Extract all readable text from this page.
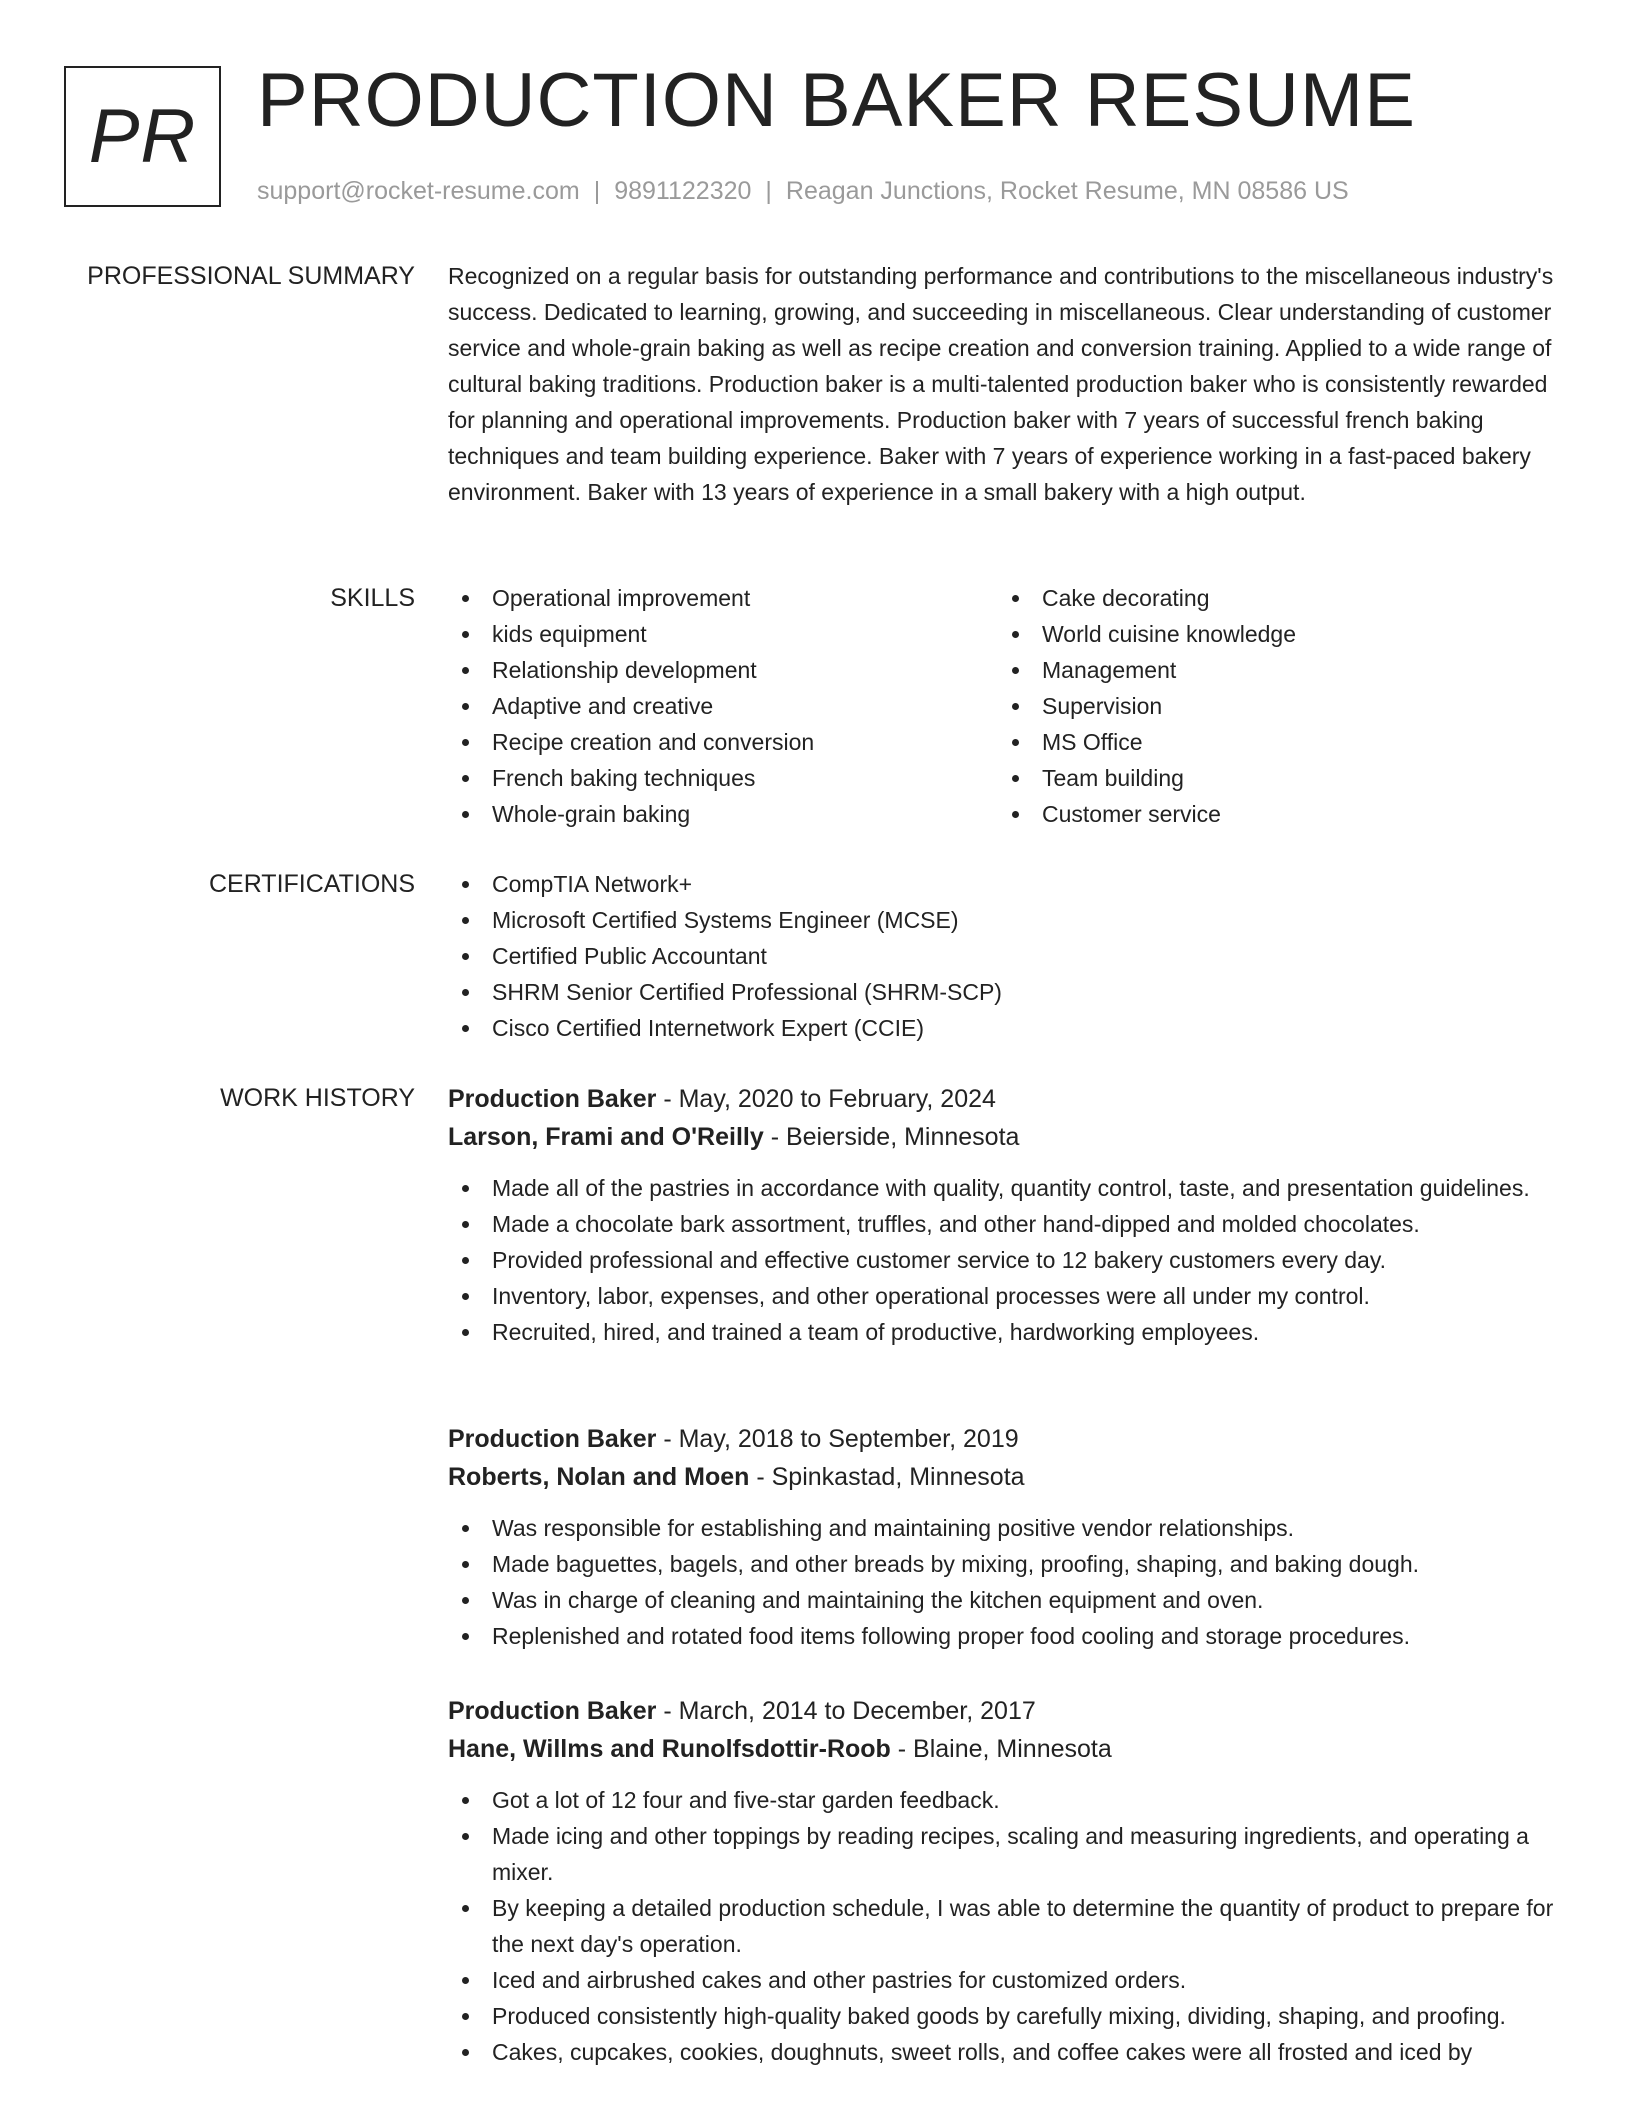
PR PRODUCTION BAKER RESUME
support@rocket-resume.com | 9891122320 | Reagan Junctions, Rocket Resume, MN 08586 US
PROFESSIONAL SUMMARY Recognized on a regular basis for outstanding performance and contributions to the miscellaneous industry's success. Dedicated to learning, growing, and succeeding in miscellaneous. Clear understanding of customer service and whole-grain baking as well as recipe creation and conversion training. Applied to a wide range of cultural baking traditions. Production baker is a multi-talented production baker who is consistently rewarded for planning and operational improvements. Production baker with 7 years of successful french baking techniques and team building experience. Baker with 7 years of experience working in a fast-paced bakery environment. Baker with 13 years of experience in a small bakery with a high output.
SKILLS	Operational improvement
kids equipment
Relationship development
Adaptive and creative
Recipe creation and conversion
French baking techniques
Whole-grain baking
Cake decorating
World cuisine knowledge
Management
Supervision
MS Office
Team building
Customer service
CERTIFICATIONS	CompTIA Network+
Microsoft Certified Systems Engineer (MCSE)
Certified Public Accountant
SHRM Senior Certified Professional (SHRM-SCP)
Cisco Certified Internetwork Expert (CCIE)
WORK HISTORY Production Baker - May, 2020 to February, 2024
Larson, Frami and O'Reilly - Beierside, Minnesota
Made all of the pastries in accordance with quality, quantity control, taste, and presentation guidelines.
Made a chocolate bark assortment, truffles, and other hand-dipped and molded chocolates.
Provided professional and effective customer service to 12 bakery customers every day.
Inventory, labor, expenses, and other operational processes were all under my control.
Recruited, hired, and trained a team of productive, hardworking employees.
Production Baker - May, 2018 to September, 2019
Roberts, Nolan and Moen - Spinkastad, Minnesota
Was responsible for establishing and maintaining positive vendor relationships.
Made baguettes, bagels, and other breads by mixing, proofing, shaping, and baking dough.
Was in charge of cleaning and maintaining the kitchen equipment and oven.
Replenished and rotated food items following proper food cooling and storage procedures.
Production Baker - March, 2014 to December, 2017
Hane, Willms and Runolfsdottir-Roob - Blaine, Minnesota
Got a lot of 12 four and five-star garden feedback.
Made icing and other toppings by reading recipes, scaling and measuring ingredients, and operating a mixer.
By keeping a detailed production schedule, I was able to determine the quantity of product to prepare for the next day's operation.
Iced and airbrushed cakes and other pastries for customized orders.
Produced consistently high-quality baked goods by carefully mixing, dividing, shaping, and proofing.
Cakes, cupcakes, cookies, doughnuts, sweet rolls, and coffee cakes were all frosted and iced by
